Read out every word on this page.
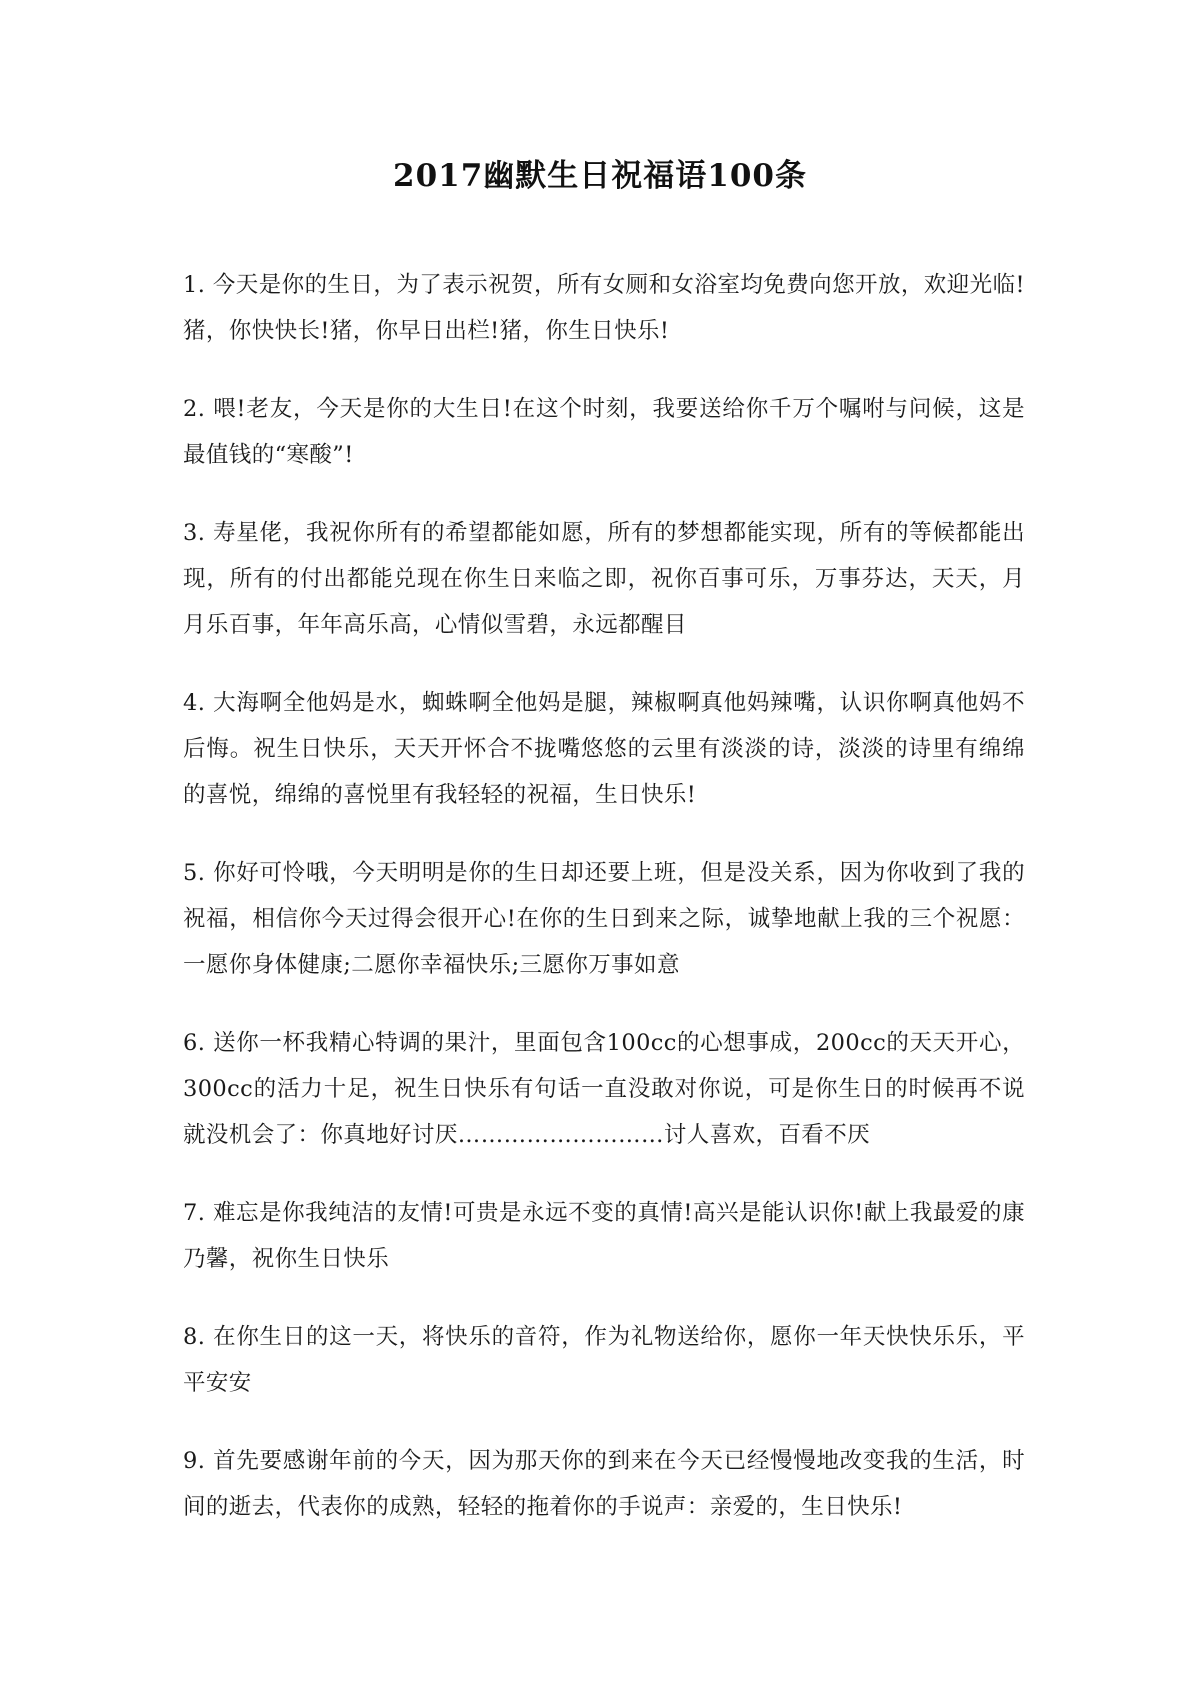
2017幽默生日祝福语100条

1. 今天是你的生日，为了表示祝贺，所有女厕和女浴室均免费向您开放，欢迎光临!猪，你快快长!猪，你早日出栏!猪，你生日快乐!

2. 喂!老友，今天是你的大生日!在这个时刻，我要送给你千万个嘱咐与问候，这是最值钱的“寒酸”!

3. 寿星佬，我祝你所有的希望都能如愿，所有的梦想都能实现，所有的等候都能出现，所有的付出都能兑现在你生日来临之即，祝你百事可乐，万事芬达，天天，月月乐百事，年年高乐高，心情似雪碧，永远都醒目

4. 大海啊全他妈是水，蜘蛛啊全他妈是腿，辣椒啊真他妈辣嘴，认识你啊真他妈不后悔。祝生日快乐，天天开怀合不拢嘴悠悠的云里有淡淡的诗，淡淡的诗里有绵绵的喜悦，绵绵的喜悦里有我轻轻的祝福，生日快乐!

5. 你好可怜哦，今天明明是你的生日却还要上班，但是没关系，因为你收到了我的祝福，相信你今天过得会很开心!在你的生日到来之际，诚挚地献上我的三个祝愿：一愿你身体健康;二愿你幸福快乐;三愿你万事如意

6. 送你一杯我精心特调的果汁，里面包含100cc的心想事成，200cc的天天开心，300cc的活力十足，祝生日快乐有句话一直没敢对你说，可是你生日的时候再不说就没机会了：你真地好讨厌………………………讨人喜欢，百看不厌

7. 难忘是你我纯洁的友情!可贵是永远不变的真情!高兴是能认识你!献上我最爱的康乃馨，祝你生日快乐

8. 在你生日的这一天，将快乐的音符，作为礼物送给你，愿你一年天快快乐乐，平平安安

9. 首先要感谢年前的今天，因为那天你的到来在今天已经慢慢地改变我的生活，时间的逝去，代表你的成熟，轻轻的拖着你的手说声：亲爱的，生日快乐!
